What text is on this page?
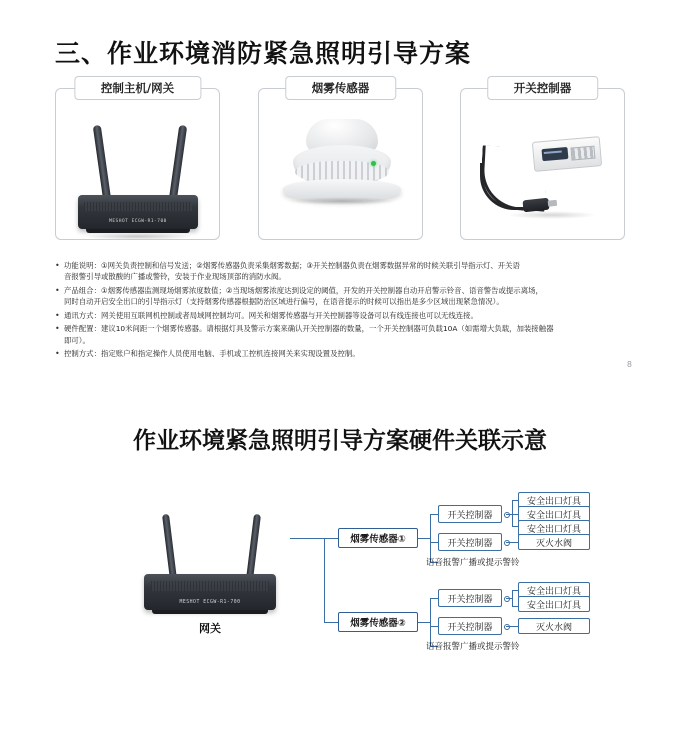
三、作业环境消防紧急照明引导方案
MESHOT ECGW-R1-700
控制主机/网关	烟雾传感器	开关控制器
• 功能说明：①网关负责控制和信号发送；②烟雾传感器负责采集烟雾数据；③开关控制器负责在烟雾数据异常的时候关联引导指示灯、开关语
音报警引导或散酸的广播或警铃，安装于作业现场顶部的消防水阀。
• 产品组合：①烟雾传感器监测现场烟雾浓度数值；②当现场烟雾浓度达到设定的阈值，开发的开关控制器自动开启警示铃音、语音警告或提示离场，
同时自动开启安全出口的引导指示灯（支持烟雾传感器根据防治区域进行偏号，在语音提示的时候可以指出是多少区域出现紧急情况）。
• 通讯方式：网关使用互联网机控制或者局域网控制均可。网关和烟雾传感器与开关控制器等设备可以有线连接也可以无线连接。
• 硬件配置：建议10米间距一个烟雾传感器。请根据灯具及警示方案来确认开关控制器的数量，一个开关控制器可负载10A（如需增大负载，加装接触器
即可）。
• 控制方式：指定账户和指定操作人员使用电脑、手机或工控机连接网关来实现设置及控制。
8
作业环境紧急照明引导方案硬件关联示意
MESHOT ECGW-R1-700
网关
烟雾传感器①
开关控制器
开关控制器
安全出口灯具
安全出口灯具
安全出口灯具
灭火水阀
语音报警广播或提示警铃
烟雾传感器②
开关控制器
开关控制器
安全出口灯具
安全出口灯具
灭火水阀
语音报警广播或提示警铃
